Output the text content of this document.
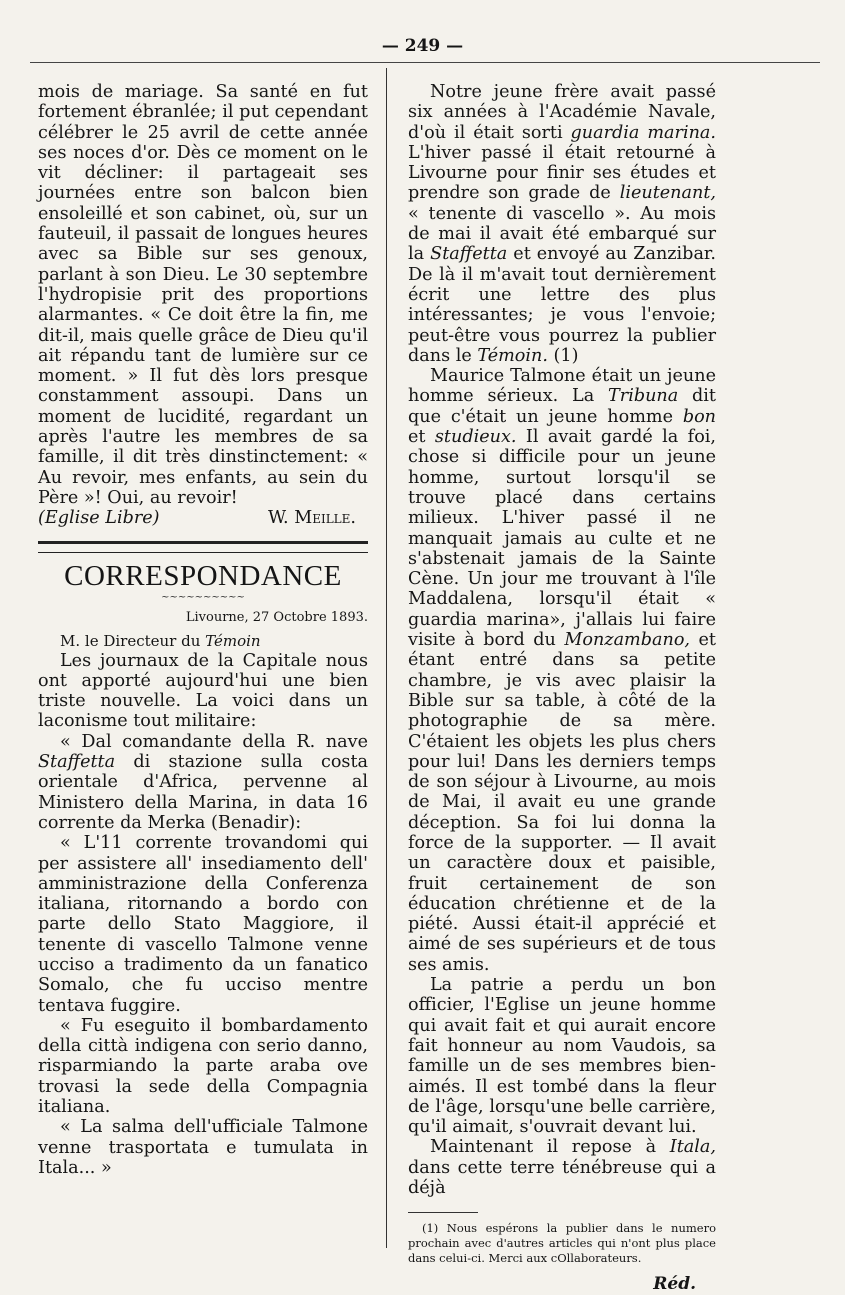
— 249 —

mois de mariage. Sa santé en fut fortement ébranlée; il put cependant célébrer le 25 avril de cette année ses noces d'or. Dès ce moment on le vit décliner: il partageait ses journées entre son balcon bien ensoleillé et son cabinet, où, sur un fauteuil, il passait de longues heures avec sa Bible sur ses genoux, parlant à son Dieu. Le 30 septembre l'hydropisie prit des proportions alarmantes. « Ce doit être la fin, me dit-il, mais quelle grâce de Dieu qu'il ait répandu tant de lumière sur ce moment. » Il fut dès lors presque constamment assoupi. Dans un moment de lucidité, regardant un après l'autre les membres de sa famille, il dit très dinstinctement: « Au revoir, mes enfants, au sein du Père »! Oui, au revoir!

(Eglise Libre)	W. Meille.

CORRESPONDANCE
~~~~~~~~~~
Livourne, 27 Octobre 1893.
M. le Directeur du Témoin

Les journaux de la Capitale nous ont apporté aujourd'hui une bien triste nouvelle. La voici dans un laconisme tout militaire:

« Dal comandante della R. nave Staffetta di stazione sulla costa orientale d'Africa, pervenne al Ministero della Marina, in data 16 corrente da Merka (Benadir):

« L'11 corrente trovandomi qui per assistere all' insediamento dell' amministrazione della Conferenza italiana, ritornando a bordo con parte dello Stato Maggiore, il tenente di vascello Talmone venne ucciso a tradimento da un fanatico Somalo, che fu ucciso mentre tentava fuggire.

« Fu eseguito il bombardamento della città indigena con serio danno, risparmiando la parte araba ove trovasi la sede della Compagnia italiana.

« La salma dell'ufficiale Talmone venne trasportata e tumulata in Itala... »

Notre jeune frère avait passé six années à l'Académie Navale, d'où il était sorti guardia marina. L'hiver passé il était retourné à Livourne pour finir ses études et prendre son grade de lieutenant, « tenente di vascello ». Au mois de mai il avait été embarqué sur la Staffetta et envoyé au Zanzibar. De là il m'avait tout dernièrement écrit une lettre des plus intéressantes; je vous l'envoie; peut-être vous pourrez la publier dans le Témoin. (1)

Maurice Talmone était un jeune homme sérieux. La Tribuna dit que c'était un jeune homme bon et studieux. Il avait gardé la foi, chose si difficile pour un jeune homme, surtout lorsqu'il se trouve placé dans certains milieux. L'hiver passé il ne manquait jamais au culte et ne s'abstenait jamais de la Sainte Cène. Un jour me trouvant à l'île Maddalena, lorsqu'il était « guardia marina», j'allais lui faire visite à bord du Monzambano, et étant entré dans sa petite chambre, je vis avec plaisir la Bible sur sa table, à côté de la photographie de sa mère. C'étaient les objets les plus chers pour lui! Dans les derniers temps de son séjour à Livourne, au mois de Mai, il avait eu une grande déception. Sa foi lui donna la force de la supporter. — Il avait un caractère doux et paisible, fruit certainement de son éducation chrétienne et de la piété. Aussi était-il apprécié et aimé de ses supérieurs et de tous ses amis.

La patrie a perdu un bon officier, l'Eglise un jeune homme qui avait fait et qui aurait encore fait honneur au nom Vaudois, sa famille un de ses membres bien-aimés. Il est tombé dans la fleur de l'âge, lorsqu'une belle carrière, qu'il aimait, s'ouvrait devant lui.

Maintenant il repose à Itala, dans cette terre ténébreuse qui a déjà

(1) Nous espérons la publier dans le numero prochain avec d'autres articles qui n'ont plus place dans celui-ci. Merci aux cOllaborateurs.

Réd.
